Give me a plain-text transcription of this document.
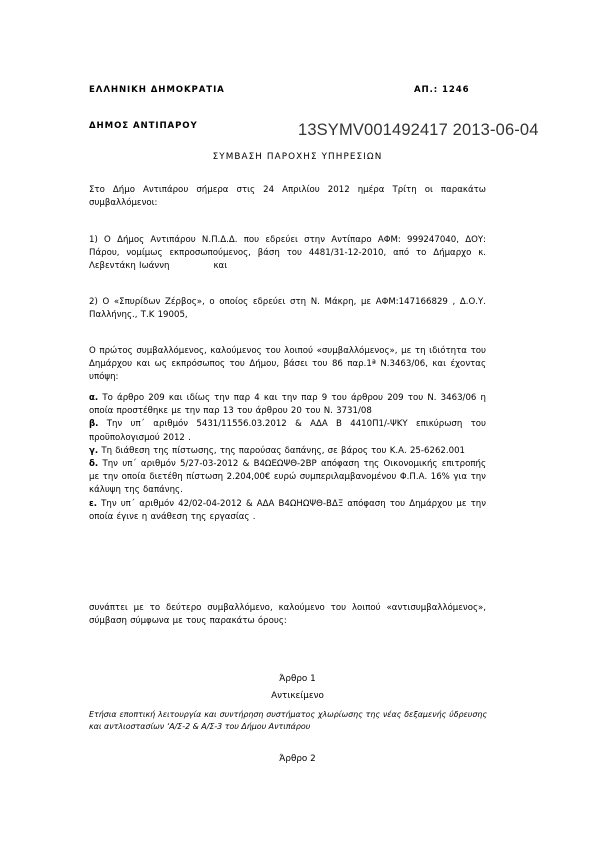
ΕΛΛΗΝΙΚΗ ΔΗΜΟΚΡΑΤΙΑ	ΑΠ.: 1246
ΔΗΜΟΣ ΑΝΤΙΠΑΡΟΥ	13SYMV001492417 2013-06-04
ΣΥΜΒΑΣΗ ΠΑΡΟΧΗΣ ΥΠΗΡΕΣΙΩΝ
Στο Δήμο Αντιπάρου σήμερα στις 24 Απριλίου 2012 ημέρα Τρίτη οι παρακάτω συμβαλλόμενοι:
1) Ο Δήμος Αντιπάρου Ν.Π.Δ.Δ. που εδρεύει στην Αντίπαρο ΑΦΜ: 999247040, ΔΟΥ: Πάρου, νομίμως εκπροσωπούμενος, βάση του 4481/31-12-2010, από το Δήμαρχο κ. Λεβεντάκη Ιωάννη	και
2) Ο «Σπυρίδων Ζέρβος», ο οποίος εδρεύει στη Ν. Μάκρη, με ΑΦΜ:147166829 , Δ.Ο.Υ. Παλλήνης., Τ.Κ 19005,
Ο πρώτος συμβαλλόμενος, καλούμενος του λοιπού «συμβαλλόμενος», με τη ιδιότητα του Δημάρχου και ως εκπρόσωπος του Δήμου, βάσει του 86 παρ.1ª Ν.3463/06, και έχοντας υπόψη:
α. Το άρθρο 209 και ιδίως την παρ 4 και την παρ 9 του άρθρου 209 του Ν. 3463/06 η οποία προστέθηκε με την παρ 13 του άρθρου 20 του Ν. 3731/08
β. Την υπ΄ αριθμόν 5431/11556.03.2012 & ΑΔΑ Β 4410Π1/-ΨΚΥ επικύρωση του προϋπολογισμού 2012 .
γ. Τη διάθεση της πίστωσης, της παρούσας δαπάνης, σε βάρος του Κ.Α. 25-6262.001
δ. Την υπ΄ αριθμόν 5/27-03-2012 & Β4ΩΕΩΨΘ-2ΒΡ απόφαση της Οικονομικής επιτροπής με την οποία διετέθη πίστωση 2.204,00€ ευρώ συμπεριλαμβανομένου Φ.Π.Α. 16% για την κάλυψη της δαπάνης.
ε. Την υπ΄ αριθμόν 42/02-04-2012 & ΑΔΑ Β4ΩΗΩΨΘ-ΒΔΞ απόφαση του Δημάρχου με την οποία έγινε η ανάθεση της εργασίας .
συνάπτει με το δεύτερο συμβαλλόμενο, καλούμενο του λοιπού «αντισυμβαλλόμενος», σύμβαση σύμφωνα με τους παρακάτω όρους:
Άρθρο 1
Αντικείμενο
Ετήσια εποπτική λειτουργία και συντήρηση συστήματος χλωρίωσης της νέας δεξαμενής ύδρευσης και αντλιοστασίων ‘Α/Σ-2 & Α/Σ-3 του Δήμου Αντιπάρου
Άρθρο 2
